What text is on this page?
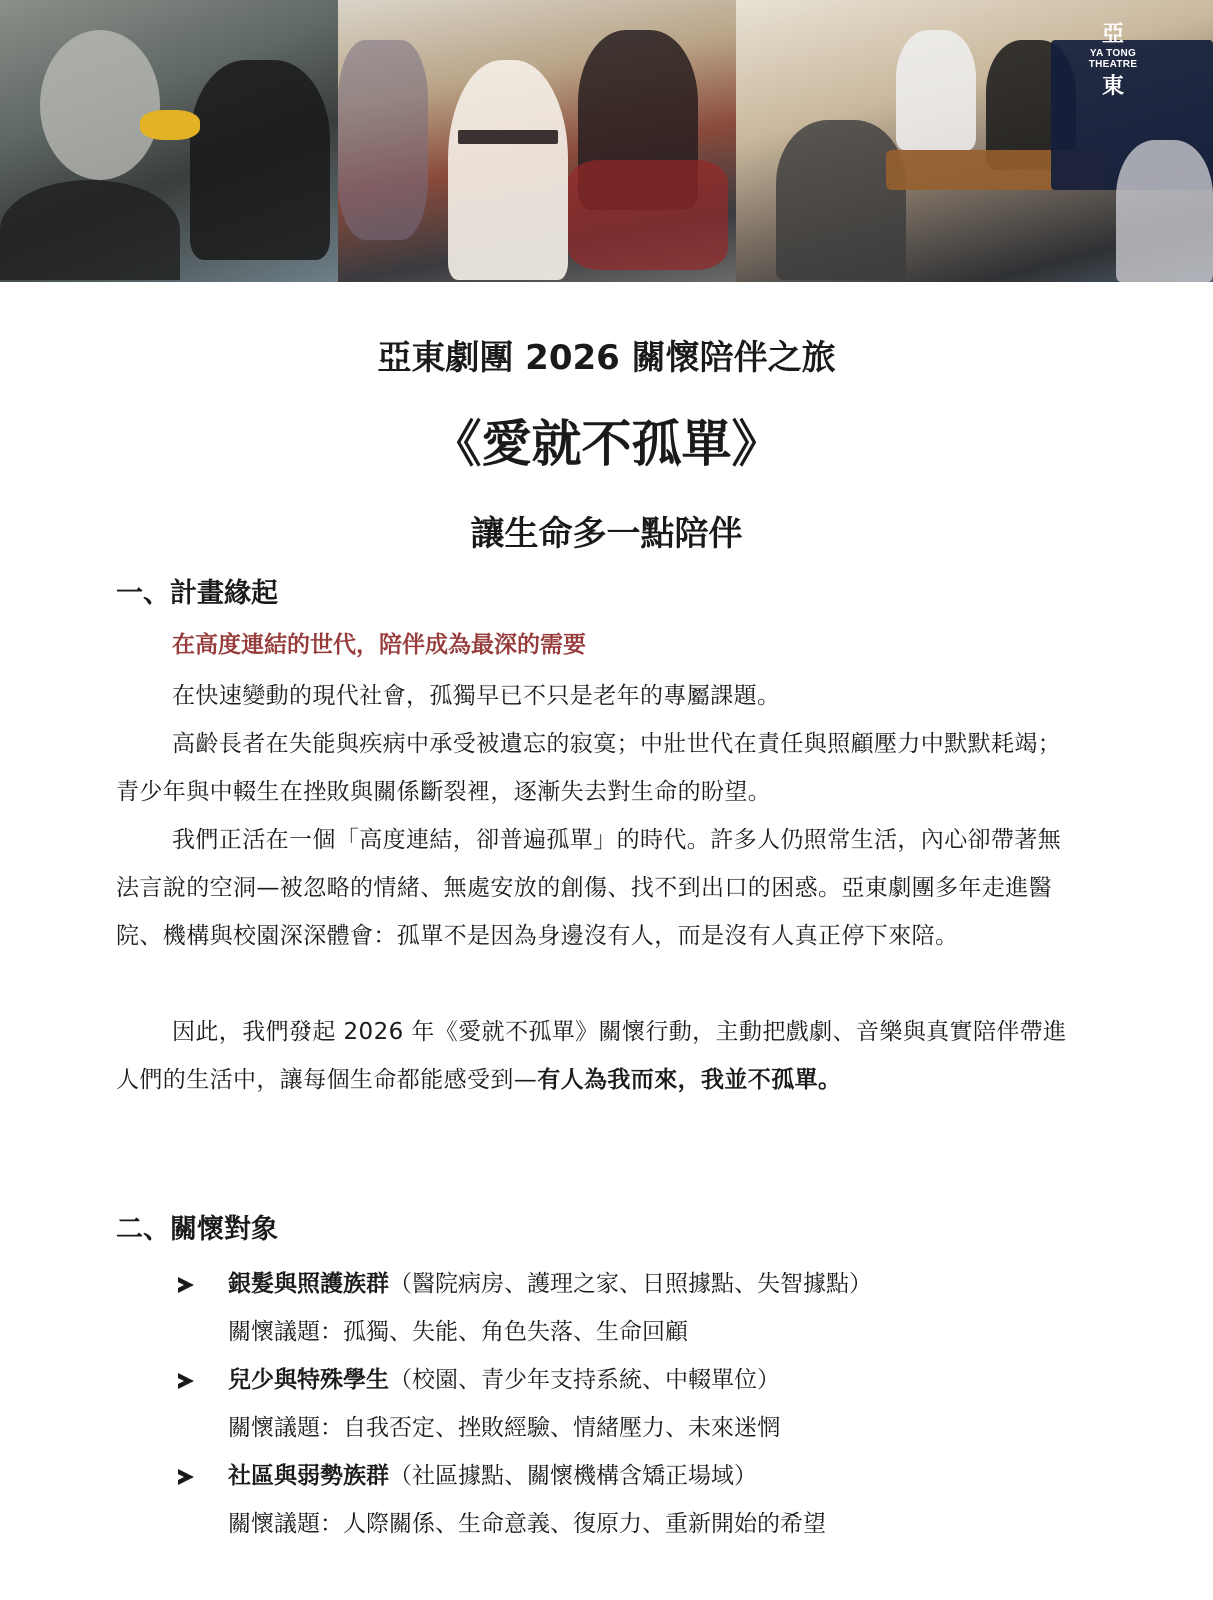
亞
YA TONG THEATRE
東
亞東劇團 2026 關懷陪伴之旅
《愛就不孤單》
讓生命多一點陪伴
一、計畫緣起
在高度連結的世代，陪伴成為最深的需要

在快速變動的現代社會，孤獨早已不只是老年的專屬課題。

高齡長者在失能與疾病中承受被遺忘的寂寞；中壯世代在責任與照顧壓力中默默耗竭；青少年與中輟生在挫敗與關係斷裂裡，逐漸失去對生命的盼望。

我們正活在一個「高度連結，卻普遍孤單」的時代。許多人仍照常生活，內心卻帶著無法言說的空洞—被忽略的情緒、無處安放的創傷、找不到出口的困惑。亞東劇團多年走進醫院、機構與校園深深體會：孤單不是因為身邊沒有人，而是沒有人真正停下來陪。

因此，我們發起 2026 年《愛就不孤單》關懷行動，主動把戲劇、音樂與真實陪伴帶進人們的生活中，讓每個生命都能感受到—有人為我而來，我並不孤單。

二、關懷對象
銀髮與照護族群（醫院病房、護理之家、日照據點、失智據點）
關懷議題：孤獨、失能、角色失落、生命回顧
兒少與特殊學生（校園、青少年支持系統、中輟單位）
關懷議題：自我否定、挫敗經驗、情緒壓力、未來迷惘
社區與弱勢族群（社區據點、關懷機構含矯正場域）
關懷議題：人際關係、生命意義、復原力、重新開始的希望
